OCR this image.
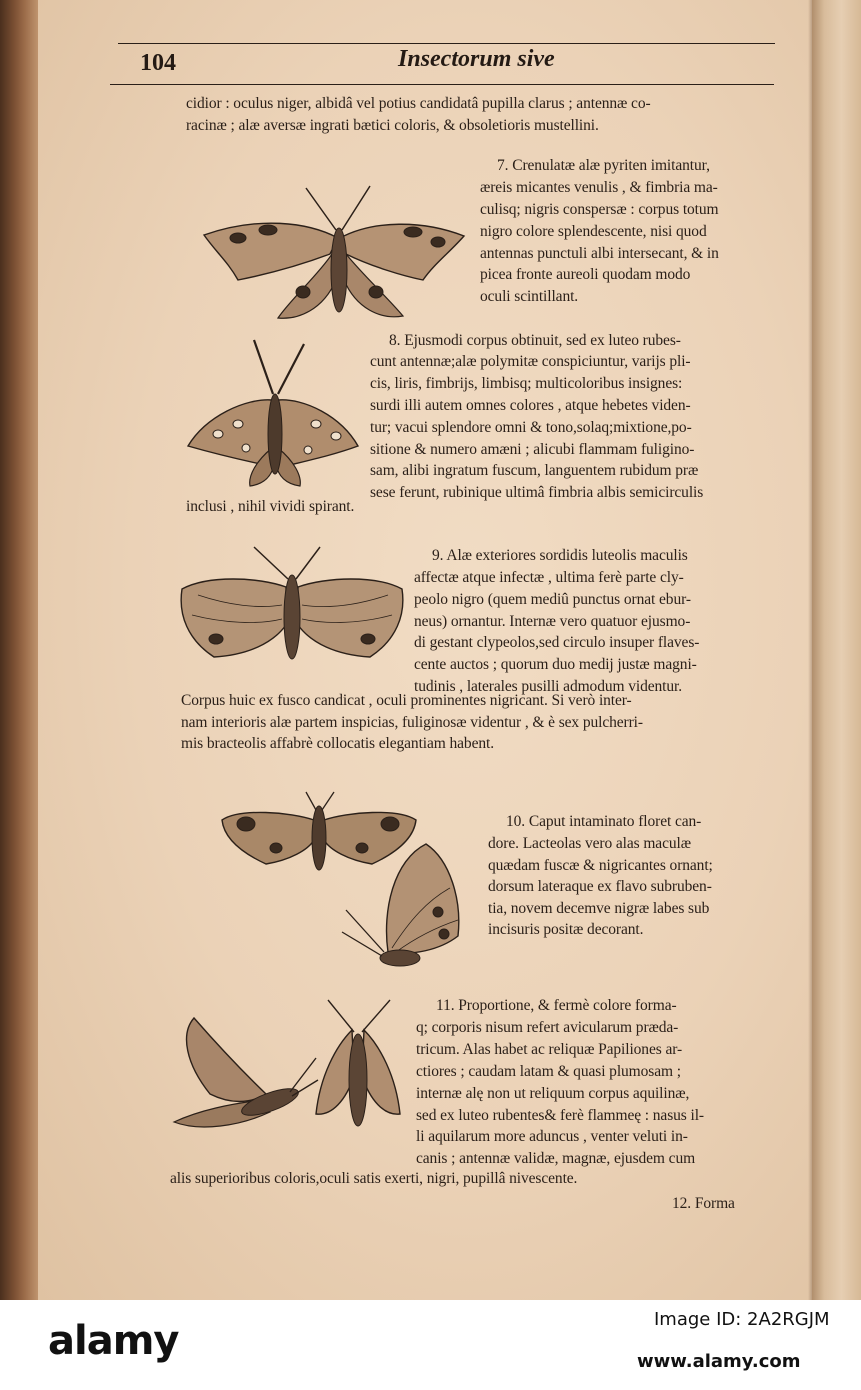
104	Insectorum sive
cidior : oculus niger, albidâ vel potius candidatâ pupilla clarus ; antennæ co-
racinæ ; alæ aversæ ingrati bætici coloris, & obsoletioris mustellini.
7. Crenulatæ alæ pyriten imitantur,
æreis micantes venulis , & fimbria ma-
culisq; nigris conspersæ : corpus totum
nigro colore splendescente, nisi quod
antennas punctuli albi intersecant, & in
picea fronte aureoli quodam modo
oculi scintillant.
8. Ejusmodi corpus obtinuit, sed ex luteo rubes-
cunt antennæ;alæ polymitæ conspiciuntur, varijs pli-
cis, liris, fimbrijs, limbisq; multicoloribus insignes:
surdi illi autem omnes colores , atque hebetes viden-
tur; vacui splendore omni & tono,solaq;mixtione,po-
sitione & numero amæni ; alicubi flammam fuligino-
sam, alibi ingratum fuscum, languentem rubidum præ
sese ferunt, rubinique ultimâ fimbria albis semicirculis
inclusi , nihil vividi spirant.
9. Alæ exteriores sordidis luteolis maculis
affectæ atque infectæ , ultima ferè parte cly-
peolo nigro (quem mediû punctus ornat ebur-
neus) ornantur. Internæ vero quatuor ejusmo-
di gestant clypeolos,sed circulo insuper flaves-
cente auctos ; quorum duo medij justæ magni-
tudinis , laterales pusilli admodum videntur.
Corpus huic ex fusco candicat , oculi prominentes nigricant. Si verò inter-
nam interioris alæ partem inspicias, fuliginosæ videntur , & è sex pulcherri-
mis bracteolis affabrè collocatis elegantiam habent.
10. Caput intaminato floret can-
dore. Lacteolas vero alas maculæ
quædam fuscæ & nigricantes ornant;
dorsum lateraque ex flavo subruben-
tia, novem decemve nigræ labes sub
incisuris positæ decorant.
11. Proportione, & fermè colore forma-
q; corporis nisum refert avicularum præda-
tricum. Alas habet ac reliquæ Papiliones ar-
ctiores ; caudam latam & quasi plumosam ;
internæ alę non ut reliquum corpus aquilinæ,
sed ex luteo rubentes& ferè flammeę : nasus il-
li aquilarum more aduncus , venter veluti in-
canis ; antennæ validæ, magnæ, ejusdem cum
alis superioribus coloris,oculi satis exerti, nigri, pupillâ nivescente.
12. Forma
alamy	Image ID: 2A2RGJM
www.alamy.com
